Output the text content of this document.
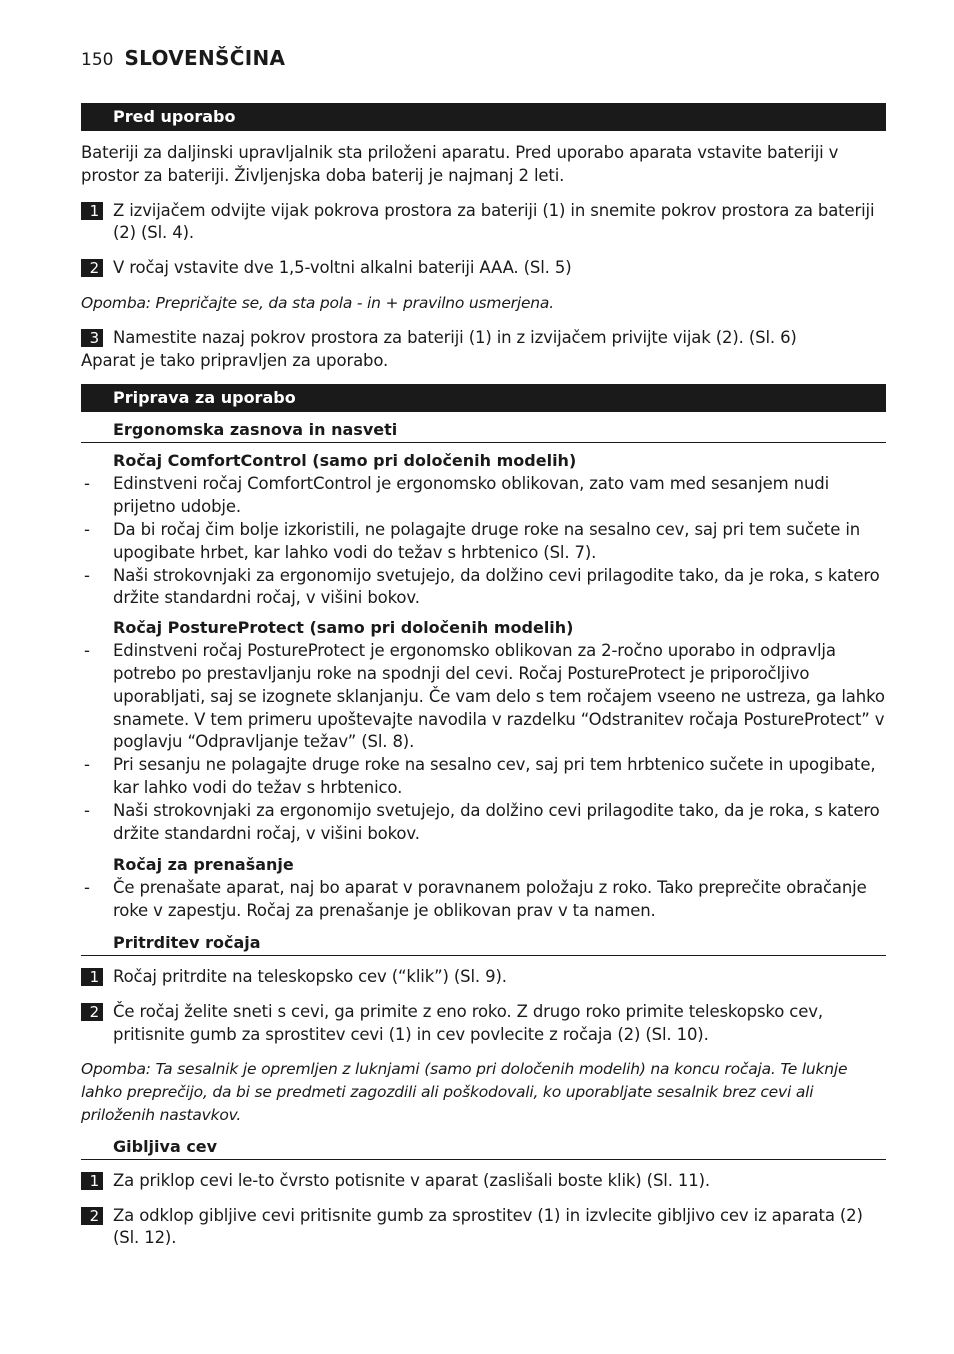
150 SLOVENŠČINA
Pred uporabo
Bateriji za daljinski upravljalnik sta priloženi aparatu. Pred uporabo aparata vstavite bateriji v prostor za bateriji. Življenjska doba baterij je najmanj 2 leti.
1 Z izvijačem odvijte vijak pokrova prostora za bateriji (1) in snemite pokrov prostora za bateriji (2) (Sl. 4).
2 V ročaj vstavite dve 1,5-voltni alkalni bateriji AAA. (Sl. 5)
Opomba: Prepričajte se, da sta pola - in + pravilno usmerjena.
3 Namestite nazaj pokrov prostora za bateriji (1) in z izvijačem privijte vijak (2). (Sl. 6)
Aparat je tako pripravljen za uporabo.
Priprava za uporabo
Ergonomska zasnova in nasveti
Ročaj ComfortControl (samo pri določenih modelih)
-	Edinstveni ročaj ComfortControl je ergonomsko oblikovan, zato vam med sesanjem nudi prijetno udobje.
-	Da bi ročaj čim bolje izkoristili, ne polagajte druge roke na sesalno cev, saj pri tem sučete in upogibate hrbet, kar lahko vodi do težav s hrbtenico (Sl. 7).
-	Naši strokovnjaki za ergonomijo svetujejo, da dolžino cevi prilagodite tako, da je roka, s katero držite standardni ročaj, v višini bokov.
Ročaj PostureProtect (samo pri določenih modelih)
-	Edinstveni ročaj PostureProtect je ergonomsko oblikovan za 2-ročno uporabo in odpravlja potrebo po prestavljanju roke na spodnji del cevi. Ročaj PostureProtect je priporočljivo uporabljati, saj se izognete sklanjanju. Če vam delo s tem ročajem vseeno ne ustreza, ga lahko snamete. V tem primeru upoštevajte navodila v razdelku “Odstranitev ročaja PostureProtect” v poglavju “Odpravljanje težav” (Sl. 8).
-	Pri sesanju ne polagajte druge roke na sesalno cev, saj pri tem hrbtenico sučete in upogibate, kar lahko vodi do težav s hrbtenico.
-	Naši strokovnjaki za ergonomijo svetujejo, da dolžino cevi prilagodite tako, da je roka, s katero držite standardni ročaj, v višini bokov.
Ročaj za prenašanje
-	Če prenašate aparat, naj bo aparat v poravnanem položaju z roko. Tako preprečite obračanje roke v zapestju. Ročaj za prenašanje je oblikovan prav v ta namen.
Pritrditev ročaja
1 Ročaj pritrdite na teleskopsko cev (“klik”) (Sl. 9).
2 Če ročaj želite sneti s cevi, ga primite z eno roko. Z drugo roko primite teleskopsko cev, pritisnite gumb za sprostitev cevi (1) in cev povlecite z ročaja (2) (Sl. 10).
Opomba: Ta sesalnik je opremljen z luknjami (samo pri določenih modelih) na koncu ročaja. Te luknje lahko preprečijo, da bi se predmeti zagozdili ali poškodovali, ko uporabljate sesalnik brez cevi ali priloženih nastavkov.
Gibljiva cev
1 Za priklop cevi le-to čvrsto potisnite v aparat (zaslišali boste klik) (Sl. 11).
2 Za odklop gibljive cevi pritisnite gumb za sprostitev (1) in izvlecite gibljivo cev iz aparata (2) (Sl. 12).
